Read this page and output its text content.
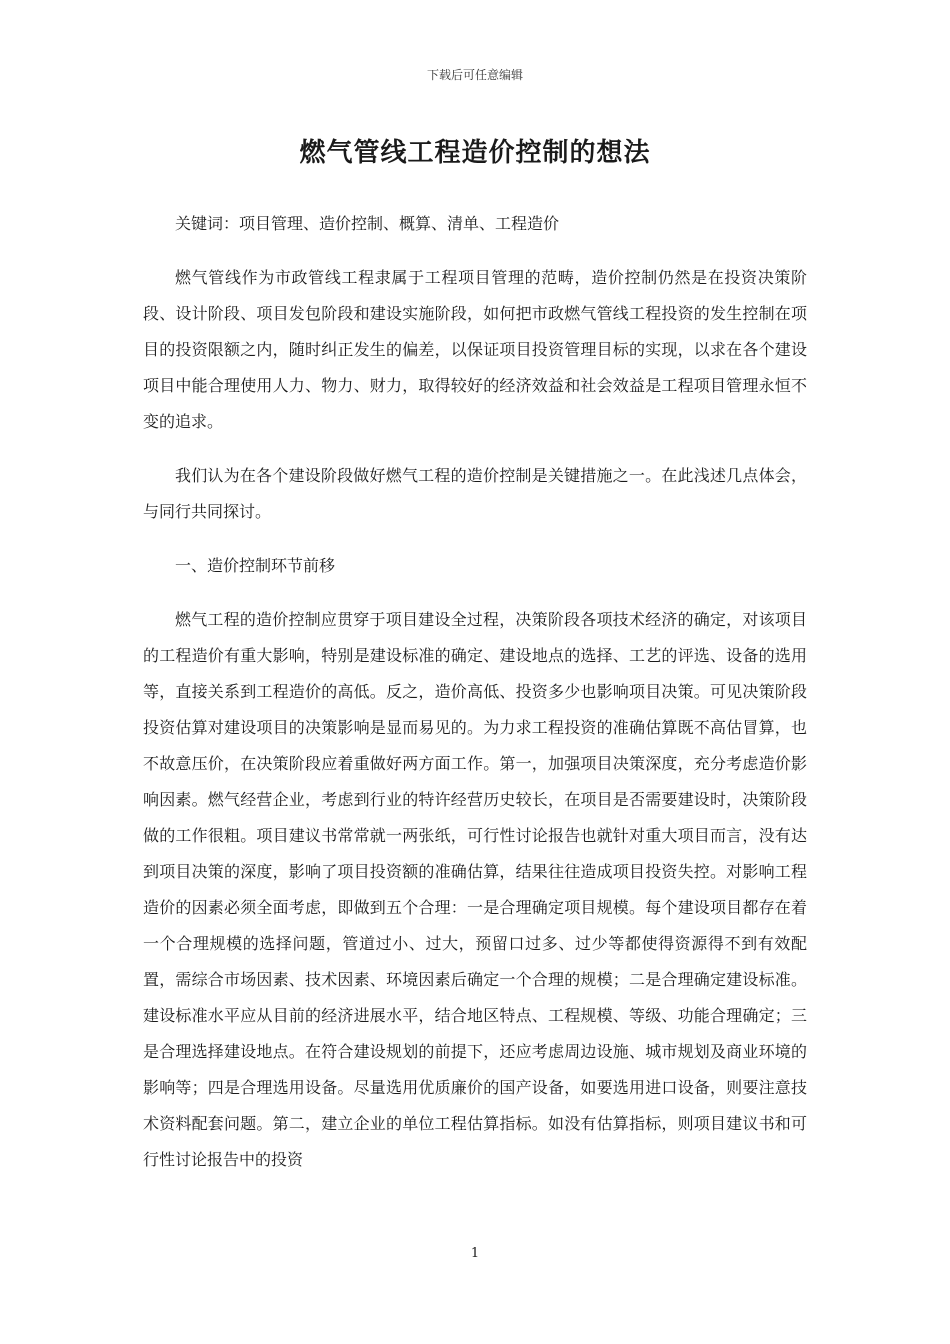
下载后可任意编辑
燃气管线工程造价控制的想法

关键词：项目管理、造价控制、概算、清单、工程造价

燃气管线作为市政管线工程隶属于工程项目管理的范畴，造价控制仍然是在投资决策阶段、设计阶段、项目发包阶段和建设实施阶段，如何把市政燃气管线工程投资的发生控制在项目的投资限额之内，随时纠正发生的偏差，以保证项目投资管理目标的实现，以求在各个建设项目中能合理使用人力、物力、财力，取得较好的经济效益和社会效益是工程项目管理永恒不变的追求。

我们认为在各个建设阶段做好燃气工程的造价控制是关键措施之一。在此浅述几点体会，与同行共同探讨。

一、造价控制环节前移

燃气工程的造价控制应贯穿于项目建设全过程，决策阶段各项技术经济的确定，对该项目的工程造价有重大影响，特别是建设标准的确定、建设地点的选择、工艺的评选、设备的选用等，直接关系到工程造价的高低。反之，造价高低、投资多少也影响项目决策。可见决策阶段投资估算对建设项目的决策影响是显而易见的。为力求工程投资的准确估算既不高估冒算，也不故意压价，在决策阶段应着重做好两方面工作。第一，加强项目决策深度，充分考虑造价影响因素。燃气经营企业，考虑到行业的特许经营历史较长，在项目是否需要建设时，决策阶段做的工作很粗。项目建议书常常就一两张纸，可行性讨论报告也就针对重大项目而言，没有达到项目决策的深度，影响了项目投资额的准确估算，结果往往造成项目投资失控。对影响工程造价的因素必须全面考虑，即做到五个合理：一是合理确定项目规模。每个建设项目都存在着一个合理规模的选择问题，管道过小、过大，预留口过多、过少等都使得资源得不到有效配置，需综合市场因素、技术因素、环境因素后确定一个合理的规模；二是合理确定建设标准。建设标准水平应从目前的经济进展水平，结合地区特点、工程规模、等级、功能合理确定；三是合理选择建设地点。在符合建设规划的前提下，还应考虑周边设施、城市规划及商业环境的影响等；四是合理选用设备。尽量选用优质廉价的国产设备，如要选用进口设备，则要注意技术资料配套问题。第二，建立企业的单位工程估算指标。如没有估算指标，则项目建议书和可行性讨论报告中的投资

1
